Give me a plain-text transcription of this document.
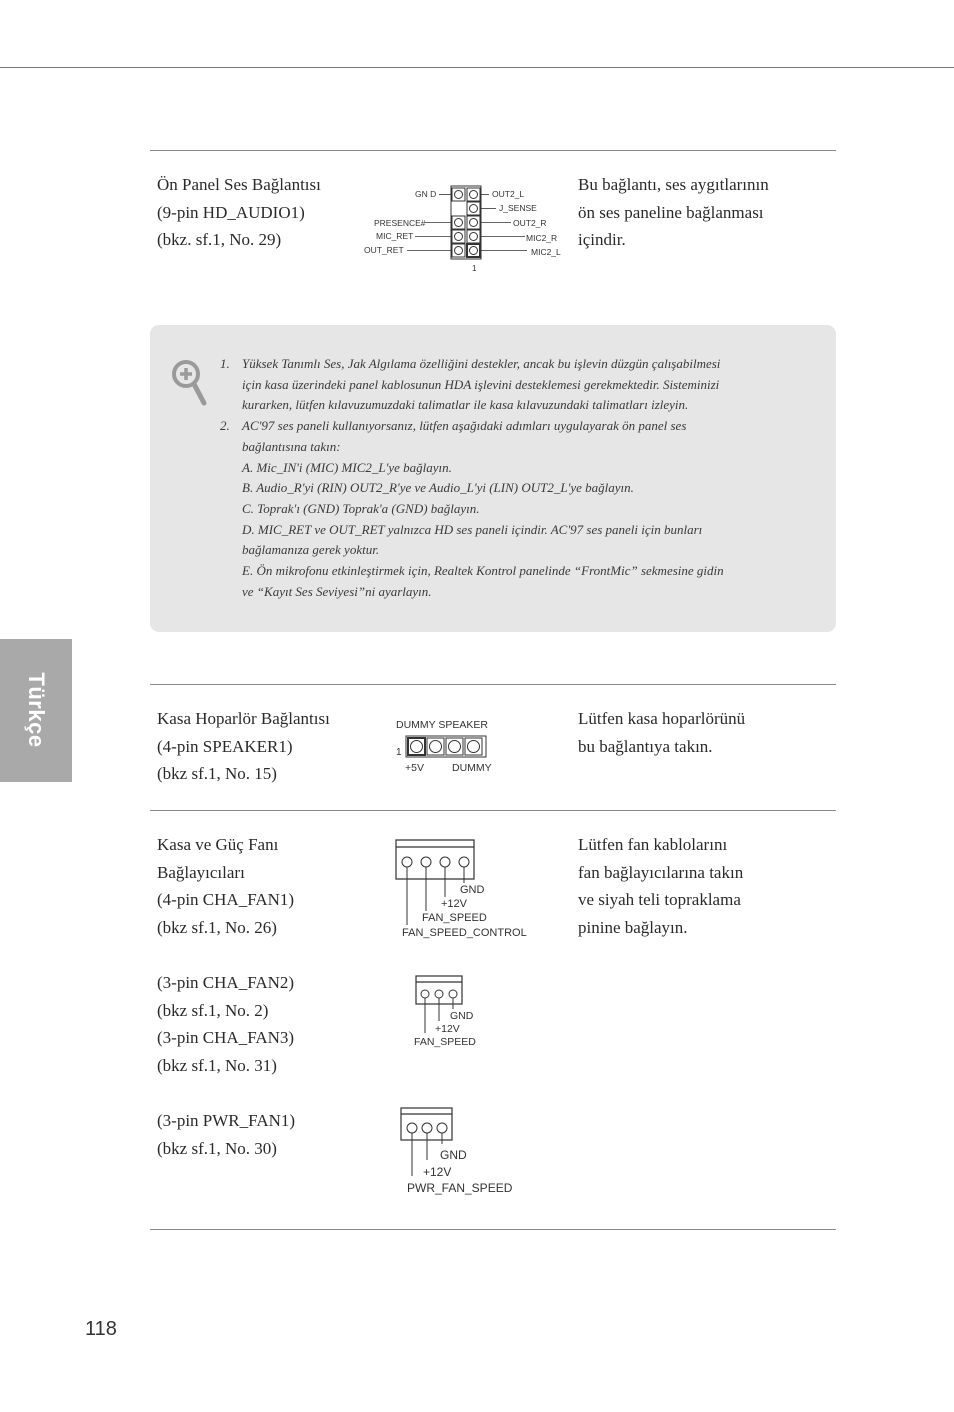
Türkçe
Ön Panel Ses Bağlantısı
(9-pin HD_AUDIO1)
(bkz. sf.1, No. 29)
GN D	OUT2_L
J_SENSE
PRESENCE#	OUT2_R
MIC_RET	MIC2_R
OUT_RET	MIC2_L
1
Bu bağlantı, ses aygıtlarının
ön ses paneline bağlanması
içindir.
1. Yüksek Tanımlı Ses, Jak Algılama özelliğini destekler, ancak bu işlevin düzgün çalışabilmesi
için kasa üzerindeki panel kablosunun HDA işlevini desteklemesi gerekmektedir. Sisteminizi
kurarken, lütfen kılavuzumuzdaki talimatlar ile kasa kılavuzundaki talimatları izleyin.
2. AC'97 ses paneli kullanıyorsanız, lütfen aşağıdaki adımları uygulayarak ön panel ses
bağlantısına takın:
A. Mic_IN'i (MIC) MIC2_L'ye bağlayın.
B. Audio_R'yi (RIN) OUT2_R'ye ve Audio_L'yi (LIN) OUT2_L'ye bağlayın.
C. Toprak'ı (GND) Toprak'a (GND) bağlayın.
D. MIC_RET ve OUT_RET yalnızca HD ses paneli içindir. AC'97 ses paneli için bunları
bağlamanıza gerek yoktur.
E. Ön mikrofonu etkinleştirmek için, Realtek Kontrol panelinde “FrontMic” sekmesine gidin
ve “Kayıt Ses Seviyesi”ni ayarlayın.
Kasa Hoparlör Bağlantısı
(4-pin SPEAKER1)
(bkz sf.1, No. 15)
DUMMY SPEAKER
1
+5V	DUMMY
Lütfen kasa hoparlörünü
bu bağlantıya takın.
Kasa ve Güç Fanı
Bağlayıcıları
(4-pin CHA_FAN1)
(bkz sf.1, No. 26)
(3-pin CHA_FAN2)
(bkz sf.1, No. 2)
(3-pin CHA_FAN3)
(bkz sf.1, No. 31)
(3-pin PWR_FAN1)
(bkz sf.1, No. 30)
GND
+12V
FAN_SPEED
FAN_SPEED_CONTROL
GND
+12V
FAN_SPEED
GND
+12V
PWR_FAN_SPEED
Lütfen fan kablolarını
fan bağlayıcılarına takın
ve siyah teli topraklama
pinine bağlayın.
118
